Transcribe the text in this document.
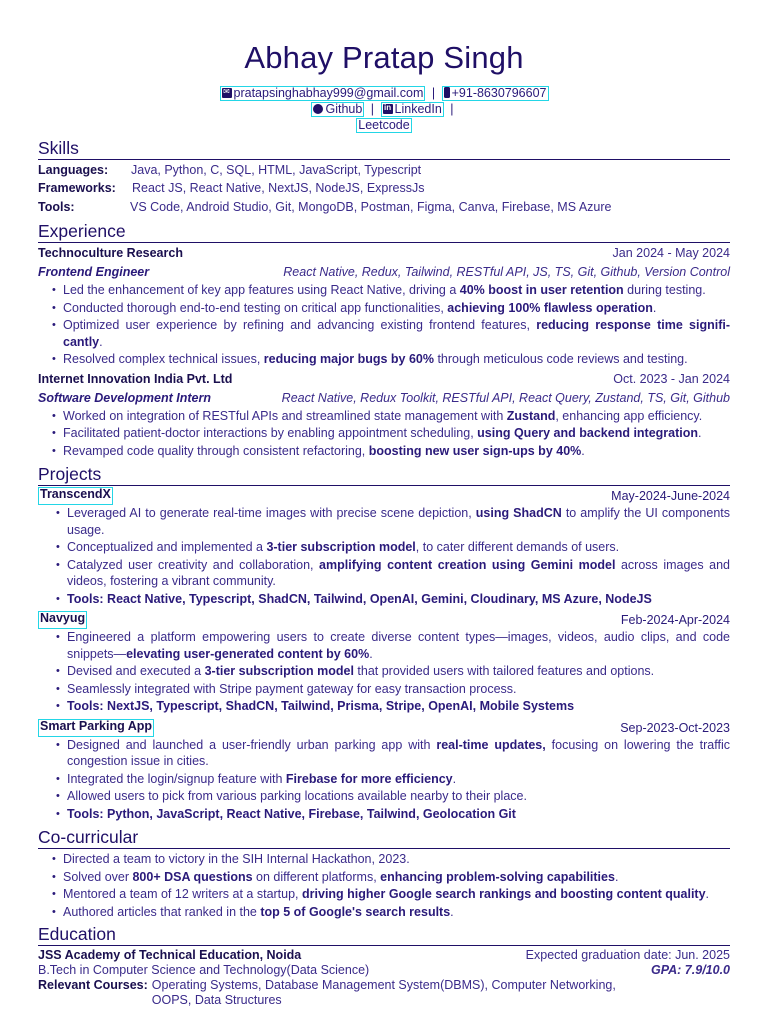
Abhay Pratap Singh
✉ pratapsinghabhay999@gmail.com | +91-8630796607
Github | in LinkedIn |
Leetcode
Skills
Languages:	Java, Python, C, SQL, HTML, JavaScript, Typescript
Frameworks:	React JS, React Native, NextJS, NodeJS, ExpressJs
Tools:	VS Code, Android Studio, Git, MongoDB, Postman, Figma, Canva, Firebase, MS Azure
Experience
Technoculture Research	Jan 2024 - May 2024
Frontend Engineer	React Native, Redux, Tailwind, RESTful API, JS, TS, Git, Github, Version Control
• Led the enhancement of key app features using React Native, driving a 40% boost in user retention during testing.
• Conducted thorough end-to-end testing on critical app functionalities, achieving 100% flawless operation.
• Optimized user experience by refining and advancing existing frontend features, reducing response time signifi-cantly.
• Resolved complex technical issues, reducing major bugs by 60% through meticulous code reviews and testing.
Internet Innovation India Pvt. Ltd	Oct. 2023 - Jan 2024
Software Development Intern	React Native, Redux Toolkit, RESTful API, React Query, Zustand, TS, Git, Github
• Worked on integration of RESTful APIs and streamlined state management with Zustand, enhancing app efficiency.
• Facilitated patient-doctor interactions by enabling appointment scheduling, using Query and backend integration.
• Revamped code quality through consistent refactoring, boosting new user sign-ups by 40%.
Projects
TranscendX	May-2024-June-2024
• Leveraged AI to generate real-time images with precise scene depiction, using ShadCN to amplify the UI components usage.
• Conceptualized and implemented a 3-tier subscription model, to cater different demands of users.
• Catalyzed user creativity and collaboration, amplifying content creation using Gemini model across images and videos, fostering a vibrant community.
• Tools: React Native, Typescript, ShadCN, Tailwind, OpenAI, Gemini, Cloudinary, MS Azure, NodeJS
Navyug	Feb-2024-Apr-2024
• Engineered a platform empowering users to create diverse content types—images, videos, audio clips, and code snippets—elevating user-generated content by 60%.
• Devised and executed a 3-tier subscription model that provided users with tailored features and options.
• Seamlessly integrated with Stripe payment gateway for easy transaction process.
• Tools: NextJS, Typescript, ShadCN, Tailwind, Prisma, Stripe, OpenAI, Mobile Systems
Smart Parking App	Sep-2023-Oct-2023
• Designed and launched a user-friendly urban parking app with real-time updates, focusing on lowering the traffic congestion issue in cities.
• Integrated the login/signup feature with Firebase for more efficiency.
• Allowed users to pick from various parking locations available nearby to their place.
• Tools: Python, JavaScript, React Native, Firebase, Tailwind, Geolocation Git
Co-curricular
• Directed a team to victory in the SIH Internal Hackathon, 2023.
• Solved over 800+ DSA questions on different platforms, enhancing problem-solving capabilities.
• Mentored a team of 12 writers at a startup, driving higher Google search rankings and boosting content quality.
• Authored articles that ranked in the top 5 of Google's search results.
Education
JSS Academy of Technical Education, Noida	Expected graduation date: Jun. 2025
B.Tech in Computer Science and Technology(Data Science)	GPA: 7.9/10.0
Relevant Courses: Operating Systems, Database Management System(DBMS), Computer Networking, OOPS, Data Structures
